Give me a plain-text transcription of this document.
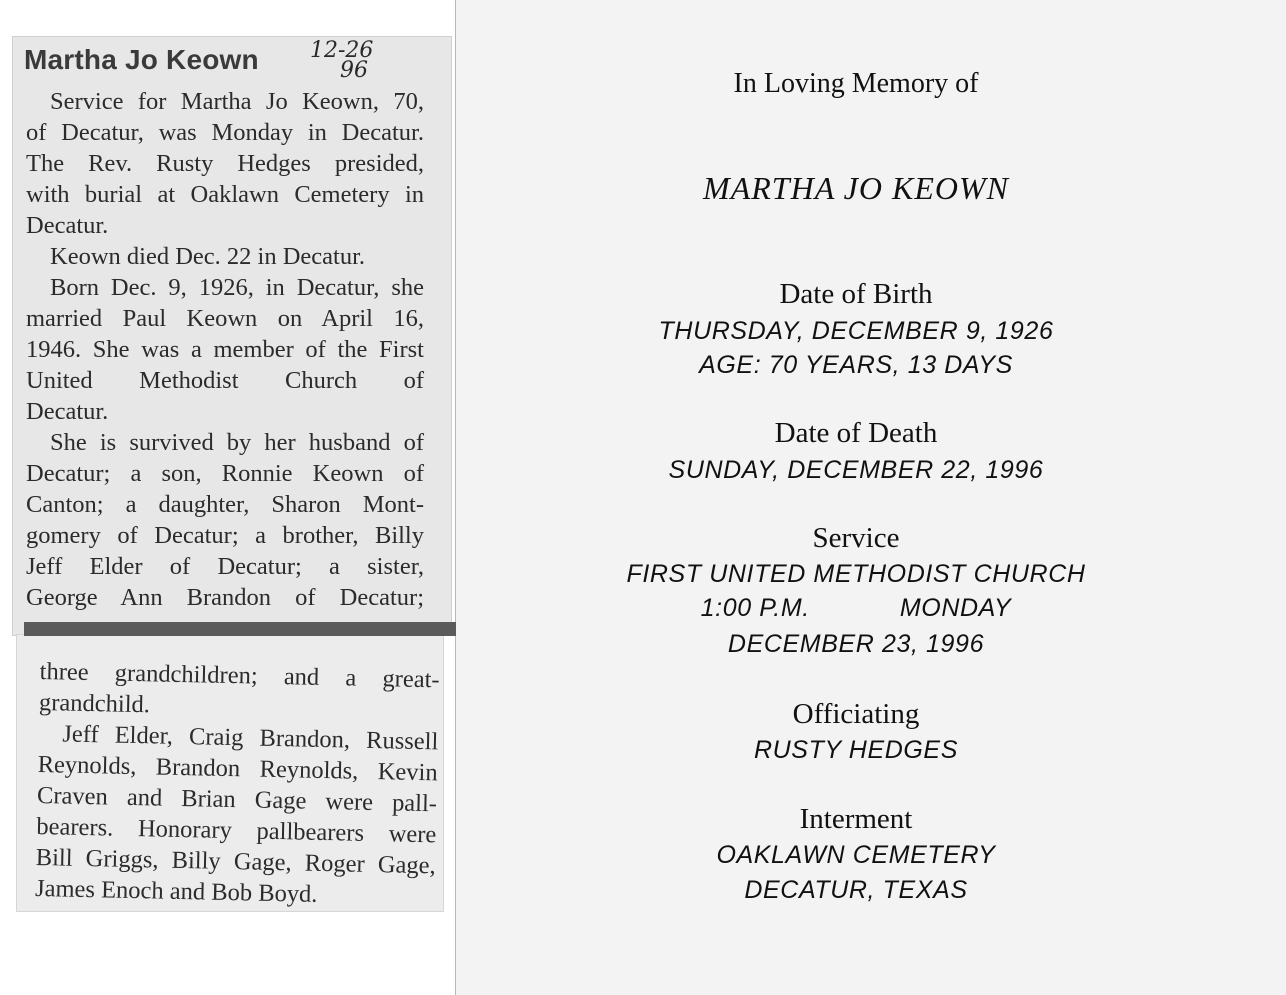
Martha Jo Keown 12-26
96
Service for Martha Jo Keown, 70,
of Decatur, was Monday in Decatur.
The Rev. Rusty Hedges presided,
with burial at Oaklawn Cemetery in
Decatur.
Keown died Dec. 22 in Decatur.
Born Dec. 9, 1926, in Decatur, she
married Paul Keown on April 16,
1946. She was a member of the First
United Methodist Church of
Decatur.
She is survived by her husband of
Decatur; a son, Ronnie Keown of
Canton; a daughter, Sharon Mont-
gomery of Decatur; a brother, Billy
Jeff Elder of Decatur; a sister,
George Ann Brandon of Decatur;
three grandchildren; and a great-
grandchild.
Jeff Elder, Craig Brandon, Russell
Reynolds, Brandon Reynolds, Kevin
Craven and Brian Gage were pall-
bearers. Honorary pallbearers were
Bill Griggs, Billy Gage, Roger Gage,
James Enoch and Bob Boyd.
In Loving Memory of
MARTHA JO KEOWN
Date of Birth
THURSDAY, DECEMBER 9, 1926
AGE: 70 YEARS, 13 DAYS
Date of Death
SUNDAY, DECEMBER 22, 1996
Service
FIRST UNITED METHODIST CHURCH
1:00 P.M.	MONDAY
DECEMBER 23, 1996
Officiating
RUSTY HEDGES
Interment
OAKLAWN CEMETERY
DECATUR, TEXAS
